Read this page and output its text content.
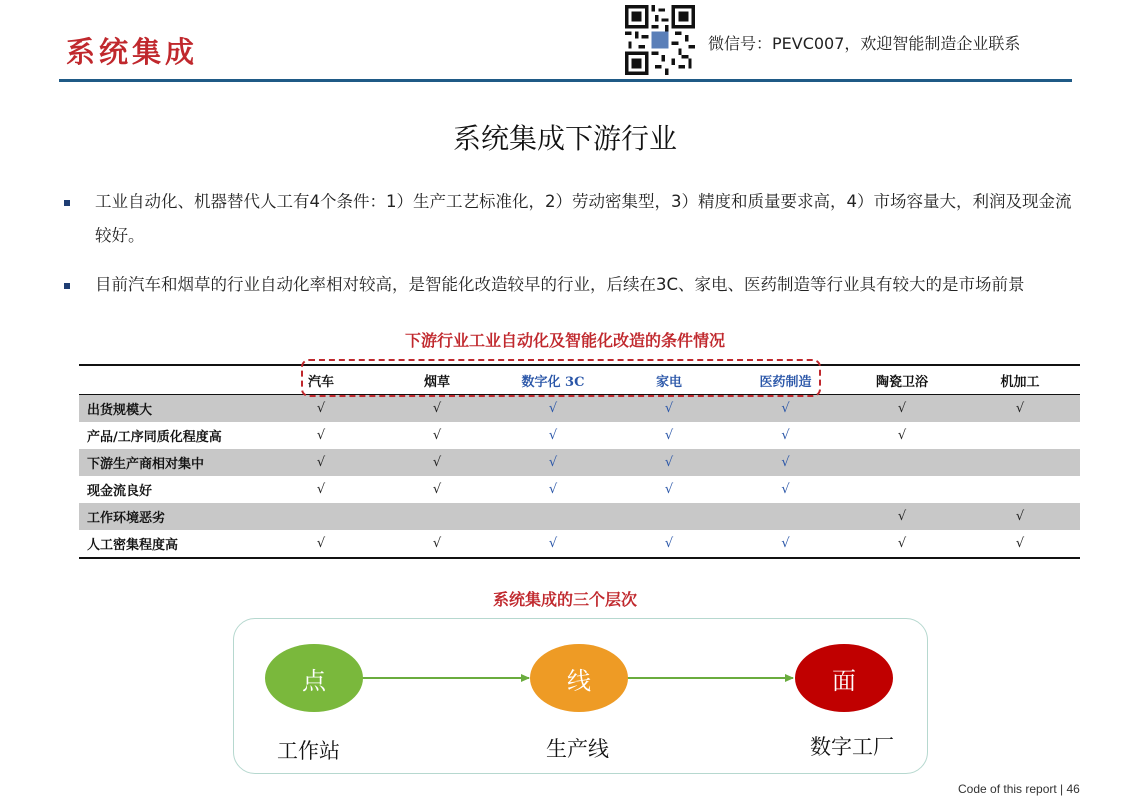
系统集成	微信号：PEVC007，欢迎智能制造企业联系
系统集成下游行业
工业自动化、机器替代人工有4个条件：1）生产工艺标准化，2）劳动密集型，3）精度和质量要求高，4）市场容量大，利润及现金流较好。
目前汽车和烟草的行业自动化率相对较高，是智能化改造较早的行业，后续在3C、家电、医药制造等行业具有较大的是市场前景
下游行业工业自动化及智能化改造的条件情况
	汽车	烟草	数字化 3C	家电	医药制造	陶瓷卫浴	机加工
出货规模大	√	√	√	√	√	√	√
产品/工序同质化程度高	√	√	√	√	√	√	
下游生产商相对集中	√	√	√	√	√		
现金流良好	√	√	√	√	√		
工作环境恶劣						√	√
人工密集程度高	√	√	√	√	√	√	√
系统集成的三个层次
点	线	面
工作站	生产线	数字工厂
Code of this report | 46
